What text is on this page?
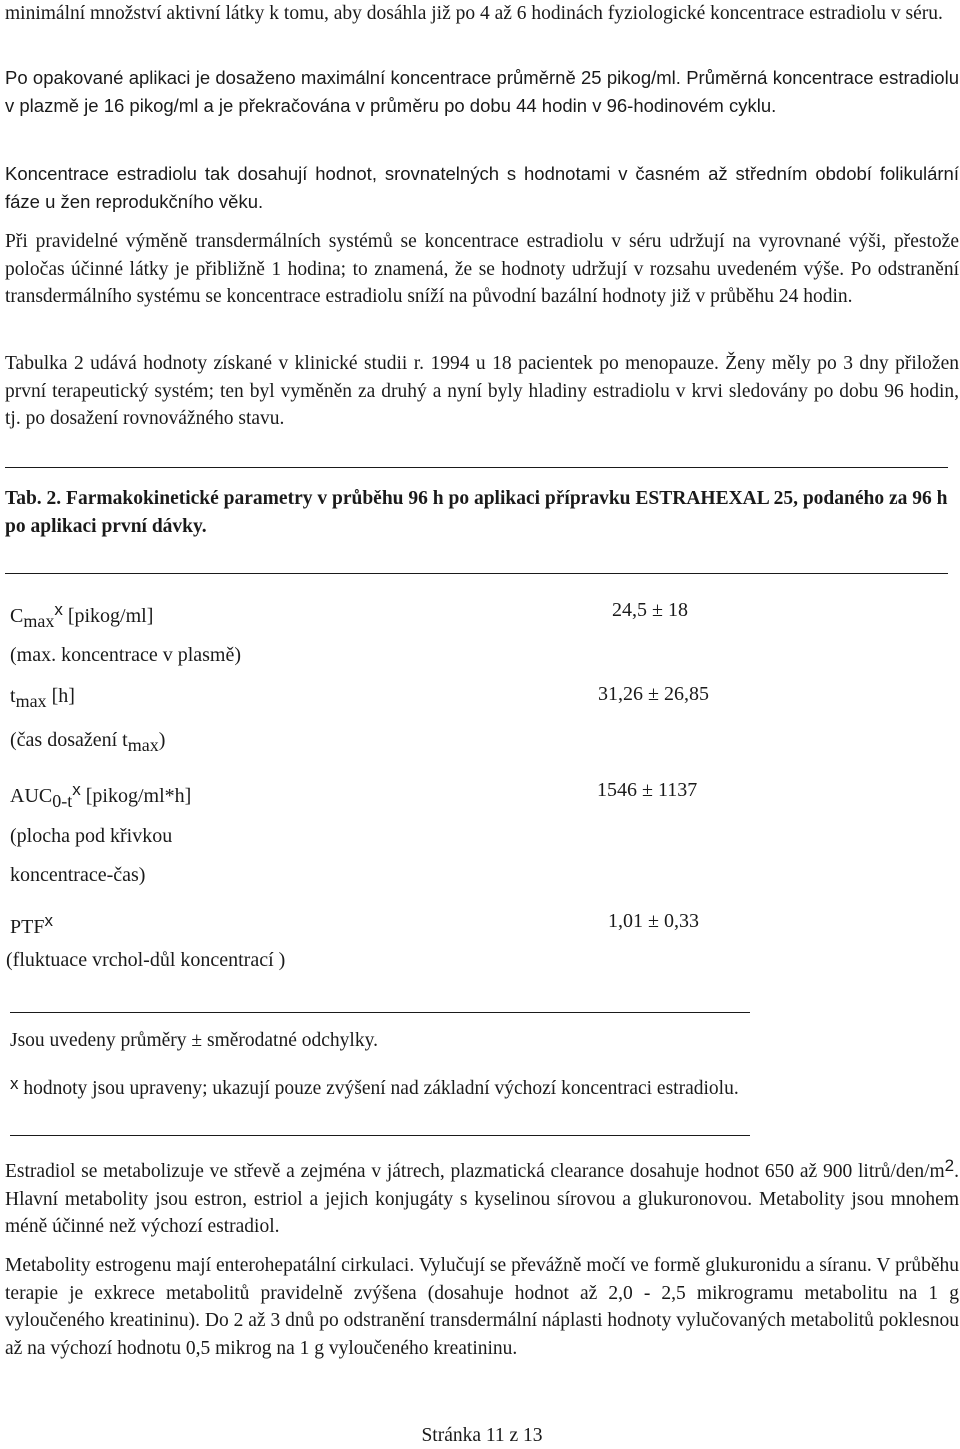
minimální množství aktivní látky k tomu, aby dosáhla již po 4 až 6 hodinách fyziologické koncentrace estradiolu v séru.

Po opakované aplikaci je dosaženo maximální koncentrace průměrně 25 pikog/ml. Průměrná koncentrace estradiolu v plazmě je 16 pikog/ml a je překračována v průměru po dobu 44 hodin v 96-hodinovém cyklu.

Koncentrace estradiolu tak dosahují hodnot, srovnatelných s hodnotami v časném až středním období folikulární fáze u žen reprodukčního věku.

Při pravidelné výměně transdermálních systémů se koncentrace estradiolu v séru udržují na vyrovnané výši, přestože poločas účinné látky je přibližně 1 hodina; to znamená, že se hodnoty udržují v rozsahu uvedeném výše. Po odstranění transdermálního systému se koncentrace estradiolu sníží na původní bazální hodnoty již v průběhu 24 hodin.

Tabulka 2 udává hodnoty získané v klinické studii r. 1994 u 18 pacientek po menopauze. Ženy měly po 3 dny přiložen první terapeutický systém; ten byl vyměněn za druhý a nyní byly hladiny estradiolu v krvi sledovány po dobu 96 hodin, tj. po dosažení rovnovážného stavu.

Tab. 2. Farmakokinetické parametry v průběhu 96 h po aplikaci přípravku ESTRAHEXAL 25, podaného za 96 h po aplikaci první dávky.

Cmax$^x$ [pikog/ml]	24,5 ± 18

(max. koncentrace v plasmě)

tmax [h]	31,26 ± 26,85

(čas dosažení tmax)

$AUC0-t^x$ [pikog/ml*h]	1546 ± 1137

(plocha pod křivkou

koncentrace-čas)

PTF$^x$	1,01 ± 0,33

(fluktuace vrchol-důl koncentrací )

Jsou uvedeny průměry ± směrodatné odchylky.

x hodnoty jsou upraveny; ukazují pouze zvýšení nad základní výchozí koncentraci estradiolu.

Estradiol se metabolizuje ve střevě a zejména v játrech, plazmatická clearance dosahuje hodnot 650 až 900 litrů/den/m2. Hlavní metabolity jsou estron, estriol a jejich konjugáty s kyselinou sírovou a glukuronovou. Metabolity jsou mnohem méně účinné než výchozí estradiol.

Metabolity estrogenu mají enterohepatální cirkulaci. Vylučují se převážně močí ve formě glukuronidu a síranu. V průběhu terapie je exkrece metabolitů pravidelně zvýšena (dosahuje hodnot až 2,0 - 2,5 mikrogramu metabolitu na 1 g vyloučeného kreatininu). Do 2 až 3 dnů po odstranění transdermální náplasti hodnoty vylučovaných metabolitů poklesnou až na výchozí hodnotu 0,5 mikrog na 1 g vyloučeného kreatininu.

Stránka 11 z 13
